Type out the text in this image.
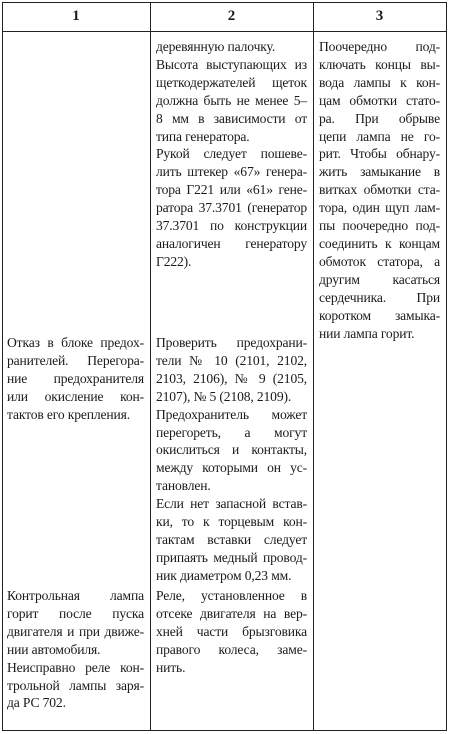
1	2	3
деревянную палочку.
Высота выступающих из
щеткодержателей щеток
должна быть не менее 5–
8 мм в зависимости от
типа генератора.
Рукой следует пошеве-
лить штекер «67» генера-
тора Г221 или «61» гене-
ратора 37.3701 (генератор
37.3701 по конструкции
аналогичен генератору
Г222).
Поочередно под-
ключать концы вы-
вода лампы к кон-
цам обмотки стато-
ра. При обрыве
цепи лампа не го-
рит. Чтобы обнару-
жить замыкание в
витках обмотки ста-
тора, один щуп лам-
пы поочередно под-
соединить к концам
обмоток статора, а
другим касаться
сердечника. При
коротком замыка-
нии лампа горит.
Отказ в блоке предох-
ранителей. Перегора-
ние предохранителя
или окисление кон-
тактов его крепления.
Проверить предохрани-
тели № 10 (2101, 2102,
2103, 2106), № 9 (2105,
2107), № 5 (2108, 2109).
Предохранитель может
перегореть, а могут
окислиться и контакты,
между которыми он ус-
тановлен.
Если нет запасной встав-
ки, то к торцевым кон-
тактам вставки следует
припаять медный провод-
ник диаметром 0,23 мм.
Контрольная лампа
горит после пуска
двигателя и при движе-
нии автомобиля.
Неисправно реле кон-
трольной лампы заря-
да РС 702.
Реле, установленное в
отсеке двигателя на вер-
хней части брызговика
правого колеса, замe-
нить.
